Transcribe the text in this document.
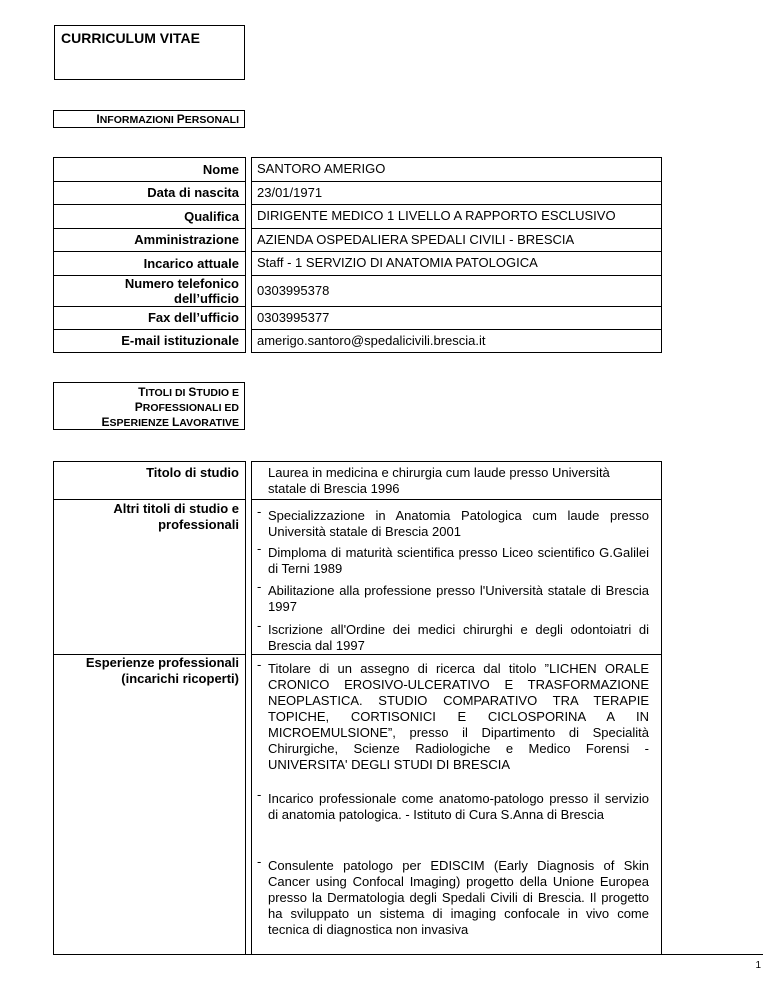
CURRICULUM VITAE
INFORMAZIONI PERSONALI
Nome SANTORO AMERIGO
Data di nascita 23/01/1971
Qualifica DIRIGENTE MEDICO 1 LIVELLO A RAPPORTO ESCLUSIVO
Amministrazione AZIENDA OSPEDALIERA SPEDALI CIVILI - BRESCIA
Incarico attuale Staff - 1 SERVIZIO DI ANATOMIA PATOLOGICA
Numero telefonico dell’ufficio
0303995378
Fax dell’ufficio 0303995377
E-mail istituzionale amerigo.santoro@spedalicivili.brescia.it
TITOLI DI STUDIO E
PROFESSIONALI ED
ESPERIENZE LAVORATIVE
Titolo di studio Laurea in medicina e chirurgia cum laude presso Università statale di Brescia 1996
Altri titoli di studio e professionali
- Specializzazione in Anatomia Patologica cum laude presso Università statale di Brescia 2001
- Dimploma di maturità scientifica presso Liceo scientifico G.Galilei di Terni 1989
- Abilitazione alla professione presso l'Università statale di Brescia 1997
- Iscrizione all'Ordine dei medici chirurghi e degli odontoiatri di Brescia dal 1997
Esperienze professionali (incarichi ricoperti)
- Titolare di un assegno di ricerca dal titolo ”LICHEN ORALE CRONICO EROSIVO-ULCERATIVO E TRASFORMAZIONE NEOPLASTICA. STUDIO COMPARATIVO TRA TERAPIE TOPICHE, CORTISONICI E CICLOSPORINA A IN MICROEMULSIONE”, presso il Dipartimento di Specialità Chirurgiche, Scienze Radiologiche e Medico Forensi - UNIVERSITA' DEGLI STUDI DI BRESCIA
- Incarico professionale come anatomo-patologo presso il servizio di anatomia patologica. - Istituto di Cura S.Anna di Brescia
- Consulente patologo per EDISCIM (Early Diagnosis of Skin Cancer using Confocal Imaging) progetto della Unione Europea presso la Dermatologia degli Spedali Civili di Brescia. Il progetto ha sviluppato un sistema di imaging confocale in vivo come tecnica di diagnostica non invasiva
1
